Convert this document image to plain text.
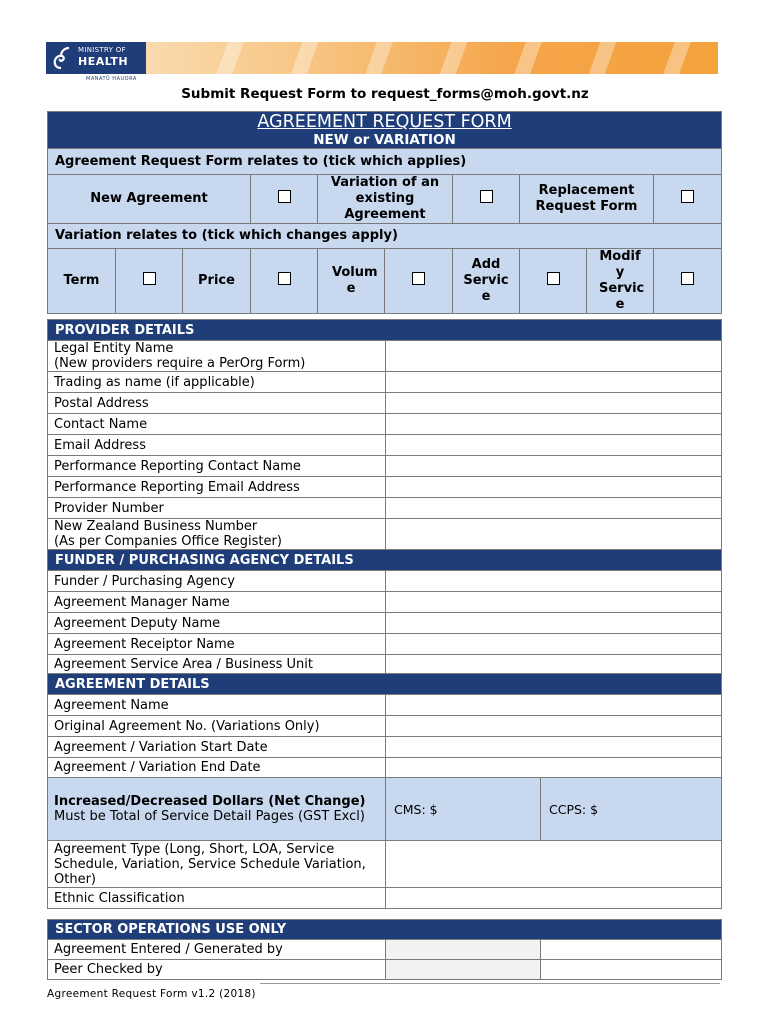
MINISTRY OF
HEALTH
MANATŪ HAUORA
Submit Request Form to request_forms@moh.govt.nz
AGREEMENT REQUEST FORM
NEW or VARIATION									

Agreement Request Form relates to (tick which applies)									
New Agreement				Variation of an existing Agreement			Replacement Request Form		
Variation relates to (tick which changes apply)									
Term		Price		Volum e		Add Servic e		Modif y Servic e	
PROVIDER DETAILS		
Legal Entity Name
(New providers require a PerOrg Form)		
Trading as name (if applicable)		
Postal Address		
Contact Name		
Email Address		
Performance Reporting Contact Name		
Performance Reporting Email Address		
Provider Number		
New Zealand Business Number
(As per Companies Office Register)		
FUNDER / PURCHASING AGENCY DETAILS		
Funder / Purchasing Agency		
Agreement Manager Name		
Agreement Deputy Name		
Agreement Receiptor Name		
Agreement Service Area / Business Unit		
AGREEMENT DETAILS		
Agreement Name		
Original Agreement No. (Variations Only)		
Agreement / Variation Start Date		
Agreement / Variation End Date		
Increased/Decreased Dollars (Net Change)
Must be Total of Service Detail Pages (GST Excl)	CMS: $	CCPS: $
Agreement Type (Long, Short, LOA, Service Schedule, Variation, Service Schedule Variation, Other)		
Ethnic Classification		
SECTOR OPERATIONS USE ONLY		
Agreement Entered / Generated by		
Peer Checked by		
Agreement Request Form v1.2 (2018)
